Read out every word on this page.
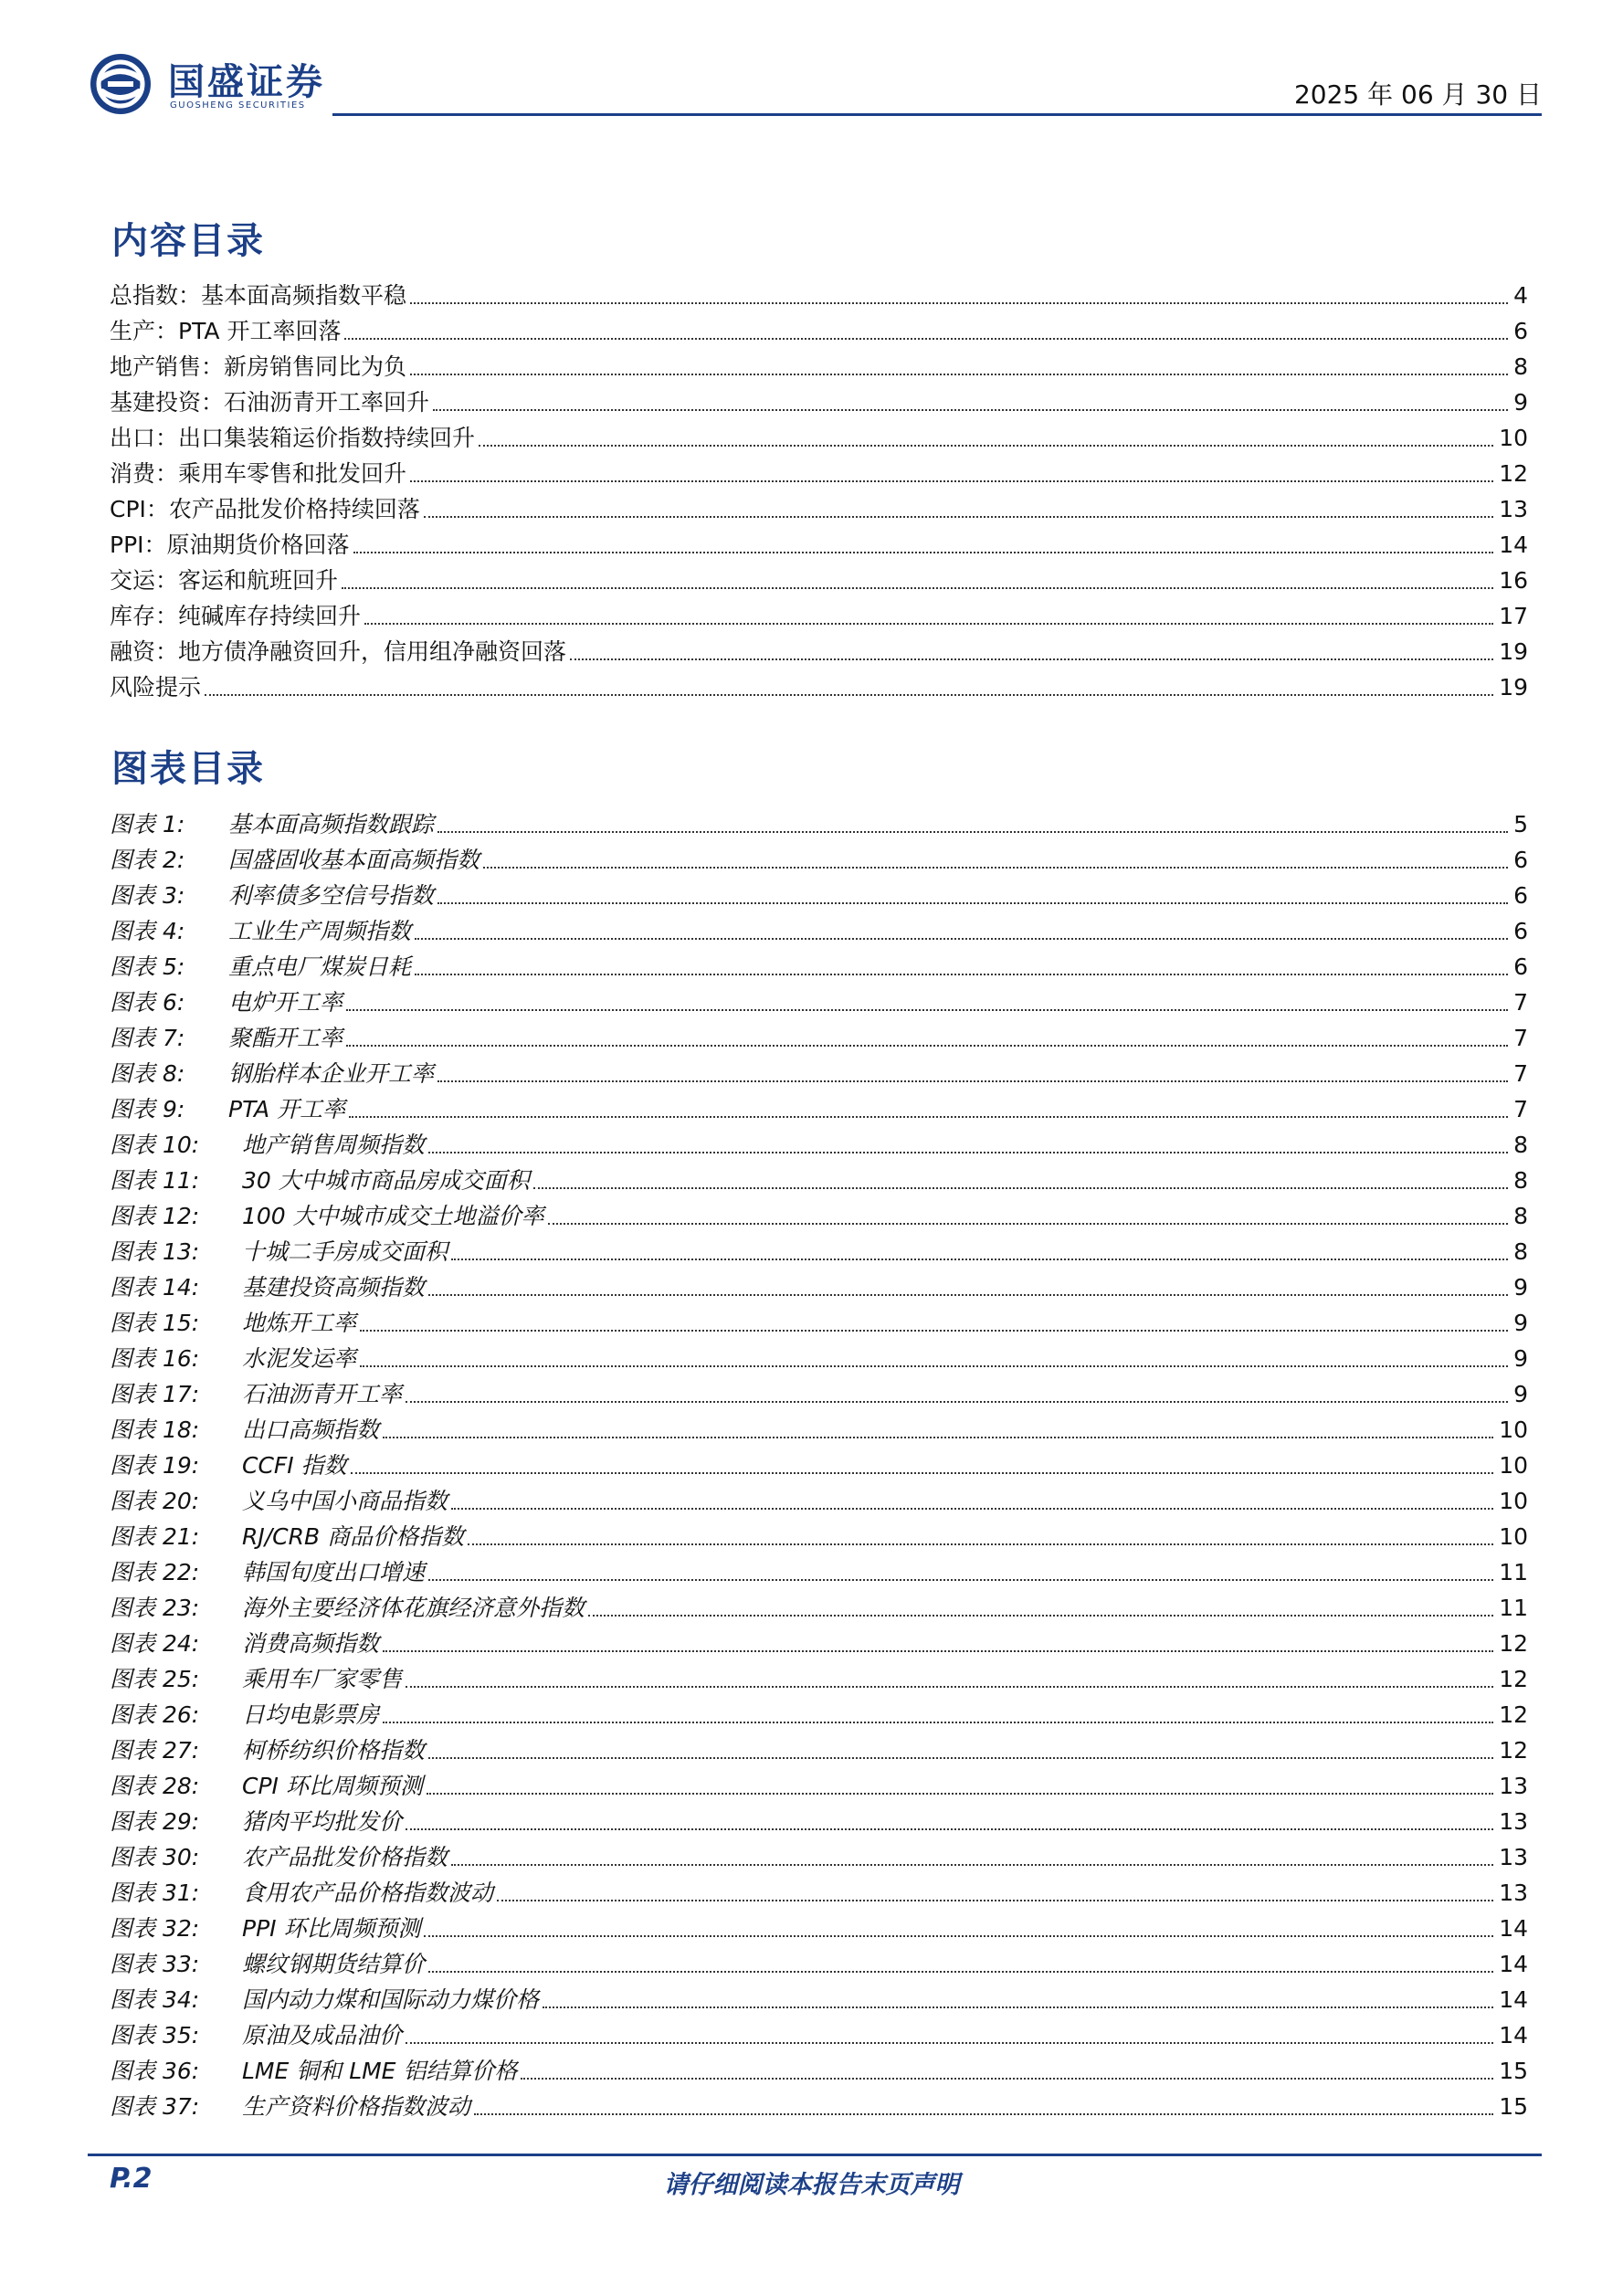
国盛证券
GUOSHENG SECURITIES	2025 年 06 月 30 日
内容目录
总指数：基本面高频指数平稳	4
生产：PTA 开工率回落	6
地产销售：新房销售同比为负	8
基建投资：石油沥青开工率回升	9
出口：出口集装箱运价指数持续回升	10
消费：乘用车零售和批发回升	12
CPI：农产品批发价格持续回落	13
PPI：原油期货价格回落	14
交运：客运和航班回升	16
库存：纯碱库存持续回升	17
融资：地方债净融资回升，信用组净融资回落	19
风险提示	19
图表目录
图表 1: 基本面高频指数跟踪	5
图表 2: 国盛固收基本面高频指数	6
图表 3: 利率债多空信号指数	6
图表 4: 工业生产周频指数	6
图表 5: 重点电厂煤炭日耗	6
图表 6: 电炉开工率	7
图表 7: 聚酯开工率	7
图表 8: 钢胎样本企业开工率	7
图表 9: PTA 开工率	7
图表 10: 地产销售周频指数	8
图表 11: 30 大中城市商品房成交面积	8
图表 12: 100 大中城市成交土地溢价率	8
图表 13: 十城二手房成交面积	8
图表 14: 基建投资高频指数	9
图表 15: 地炼开工率	9
图表 16: 水泥发运率	9
图表 17: 石油沥青开工率	9
图表 18: 出口高频指数	10
图表 19: CCFI 指数	10
图表 20: 义乌中国小商品指数	10
图表 21: RJ/CRB 商品价格指数	10
图表 22: 韩国旬度出口增速	11
图表 23: 海外主要经济体花旗经济意外指数	11
图表 24: 消费高频指数	12
图表 25: 乘用车厂家零售	12
图表 26: 日均电影票房	12
图表 27: 柯桥纺织价格指数	12
图表 28: CPI 环比周频预测	13
图表 29: 猪肉平均批发价	13
图表 30: 农产品批发价格指数	13
图表 31: 食用农产品价格指数波动	13
图表 32: PPI 环比周频预测	14
图表 33: 螺纹钢期货结算价	14
图表 34: 国内动力煤和国际动力煤价格	14
图表 35: 原油及成品油价	14
图表 36: LME 铜和 LME 铝结算价格	15
图表 37: 生产资料价格指数波动	15
P.2	请仔细阅读本报告末页声明
